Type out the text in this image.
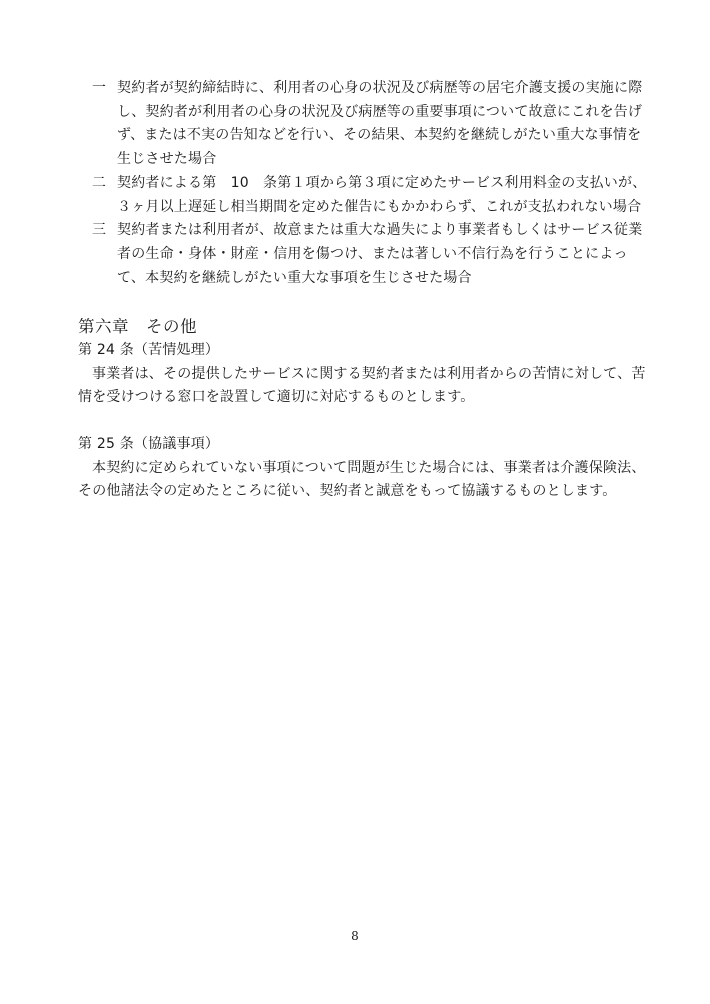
一 契約者が契約締結時に、利用者の心身の状況及び病歴等の居宅介護支援の実施に際し、契約者が利用者の心身の状況及び病歴等の重要事項について故意にこれを告げず、または不実の告知などを行い、その結果、本契約を継続しがたい重大な事情を生じさせた場合
二 契約者による第　10　条第１項から第３項に定めたサービス利用料金の支払いが、３ヶ月以上遅延し相当期間を定めた催告にもかかわらず、これが支払われない場合
三 契約者または利用者が、故意または重大な過失により事業者もしくはサービス従業者の生命・身体・財産・信用を傷つけ、または著しい不信行為を行うことによって、本契約を継続しがたい重大な事項を生じさせた場合
第六章　その他
第 24 条（苦情処理）
事業者は、その提供したサービスに関する契約者または利用者からの苦情に対して、苦情を受けつける窓口を設置して適切に対応するものとします。
第 25 条（協議事項）
本契約に定められていない事項について問題が生じた場合には、事業者は介護保険法、その他諸法令の定めたところに従い、契約者と誠意をもって協議するものとします。
8
